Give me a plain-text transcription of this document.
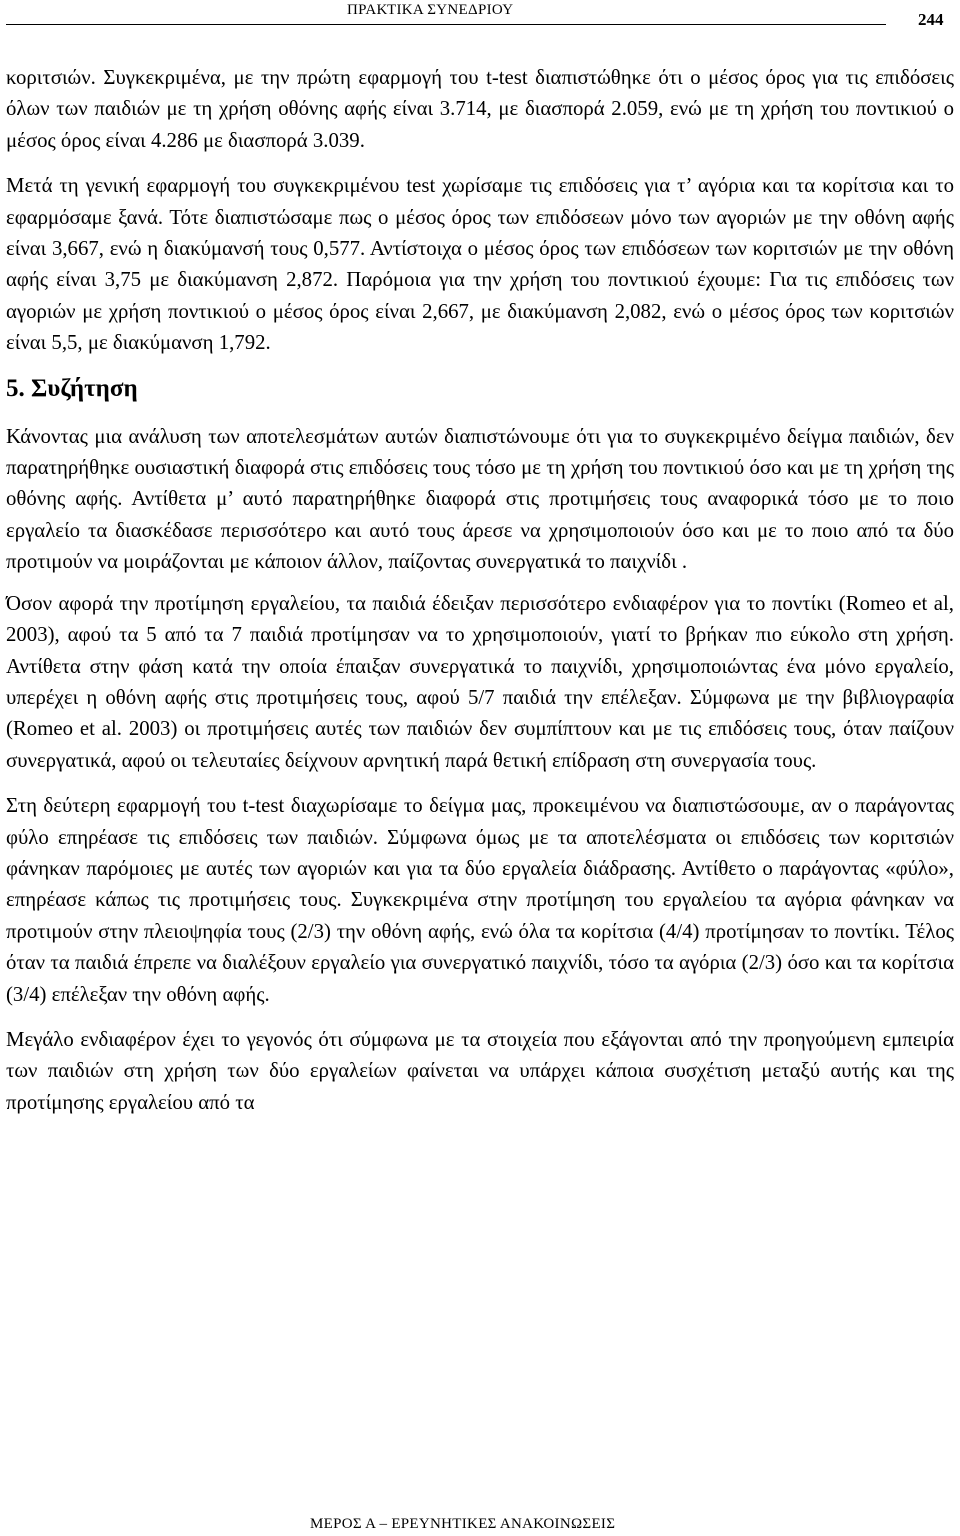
ΠΡΑΚΤΙΚΑ ΣΥΝΕΔΡΙΟΥ	244

κοριτσιών. Συγκεκριμένα, με την πρώτη εφαρμογή του t-test διαπιστώθηκε ότι ο μέσος όρος για τις επιδόσεις όλων των παιδιών με τη χρήση οθόνης αφής είναι 3.714, με διασπορά 2.059, ενώ με τη χρήση του ποντικιού ο μέσος όρος είναι 4.286 με διασπορά 3.039.

Μετά τη γενική εφαρμογή του συγκεκριμένου test χωρίσαμε τις επιδόσεις για τ’ αγόρια και τα κορίτσια και το εφαρμόσαμε ξανά. Τότε διαπιστώσαμε πως ο μέσος όρος των επιδόσεων μόνο των αγοριών με την οθόνη αφής είναι 3,667, ενώ η διακύμανσή τους 0,577. Αντίστοιχα ο μέσος όρος των επιδόσεων των κοριτσιών με την οθόνη αφής είναι 3,75 με διακύμανση 2,872. Παρόμοια για την χρήση του ποντικιού έχουμε: Για τις επιδόσεις των αγοριών με χρήση ποντικιού ο μέσος όρος είναι 2,667, με διακύμανση 2,082, ενώ ο μέσος όρος των κοριτσιών είναι 5,5, με διακύμανση 1,792.

5. Συζήτηση

Κάνοντας μια ανάλυση των αποτελεσμάτων αυτών διαπιστώνουμε ότι για το συγκεκριμένο δείγμα παιδιών, δεν παρατηρήθηκε ουσιαστική διαφορά στις επιδόσεις τους τόσο με τη χρήση του ποντικιού όσο και με τη χρήση της οθόνης αφής. Αντίθετα μ’ αυτό παρατηρήθηκε διαφορά στις προτιμήσεις τους αναφορικά τόσο με το ποιο εργαλείο τα διασκέδασε περισσότερο και αυτό τους άρεσε να χρησιμοποιούν όσο και με το ποιο από τα δύο προτιμούν να μοιράζονται με κάποιον άλλον, παίζοντας συνεργατικά το παιχνίδι .

Όσον αφορά την προτίμηση εργαλείου, τα παιδιά έδειξαν περισσότερο ενδιαφέρον για το ποντίκι (Romeo et al, 2003), αφού τα 5 από τα 7 παιδιά προτίμησαν να το χρησιμοποιούν, γιατί το βρήκαν πιο εύκολο στη χρήση. Αντίθετα στην φάση κατά την οποία έπαιξαν συνεργατικά το παιχνίδι, χρησιμοποιώντας ένα μόνο εργαλείο, υπερέχει η οθόνη αφής στις προτιμήσεις τους, αφού 5/7 παιδιά την επέλεξαν. Σύμφωνα με την βιβλιογραφία (Romeo et al. 2003) οι προτιμήσεις αυτές των παιδιών δεν συμπίπτουν και με τις επιδόσεις τους, όταν παίζουν συνεργατικά, αφού οι τελευταίες δείχνουν αρνητική παρά θετική επίδραση στη συνεργασία τους.

Στη δεύτερη εφαρμογή του t-test διαχωρίσαμε το δείγμα μας, προκειμένου να διαπιστώσουμε, αν ο παράγοντας φύλο επηρέασε τις επιδόσεις των παιδιών. Σύμφωνα όμως με τα αποτελέσματα οι επιδόσεις των κοριτσιών φάνηκαν παρόμοιες με αυτές των αγοριών και για τα δύο εργαλεία διάδρασης. Αντίθετο ο παράγοντας «φύλο», επηρέασε κάπως τις προτιμήσεις τους. Συγκεκριμένα στην προτίμηση του εργαλείου τα αγόρια φάνηκαν να προτιμούν στην πλειοψηφία τους (2/3) την οθόνη αφής, ενώ όλα τα κορίτσια (4/4) προτίμησαν το ποντίκι. Τέλος όταν τα παιδιά έπρεπε να διαλέξουν εργαλείο για συνεργατικό παιχνίδι, τόσο τα αγόρια (2/3) όσο και τα κορίτσια (3/4) επέλεξαν την οθόνη αφής.

Μεγάλο ενδιαφέρον έχει το γεγονός ότι σύμφωνα με τα στοιχεία που εξάγονται από την προηγούμενη εμπειρία των παιδιών στη χρήση των δύο εργαλείων φαίνεται να υπάρχει κάποια συσχέτιση μεταξύ αυτής και της προτίμησης εργαλείου από τα

ΜΕΡΟΣ Α – ΕΡΕΥΝΗΤΙΚΕΣ ΑΝΑΚΟΙΝΩΣΕΙΣ
